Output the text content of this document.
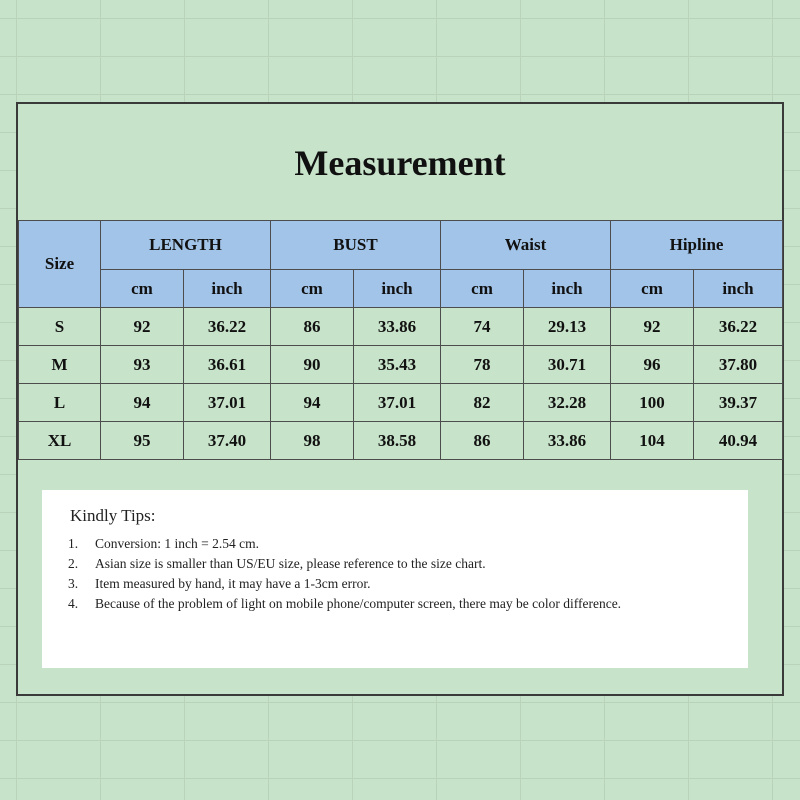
Measurement
Size	LENGTH		BUST		Waist		Hipline	
	cm	inch	cm	inch	cm	inch	cm	inch
S	92	36.22	86	33.86	74	29.13	92	36.22
M	93	36.61	90	35.43	78	30.71	96	37.80
L	94	37.01	94	37.01	82	32.28	100	39.37
XL	95	37.40	98	38.58	86	33.86	104	40.94
Kindly Tips:
1. Conversion: 1 inch = 2.54 cm.
2. Asian size is smaller than US/EU size, please reference to the size chart.
3. Item measured by hand, it may have a 1-3cm error.
4. Because of the problem of light on mobile phone/computer screen, there may be color difference.
